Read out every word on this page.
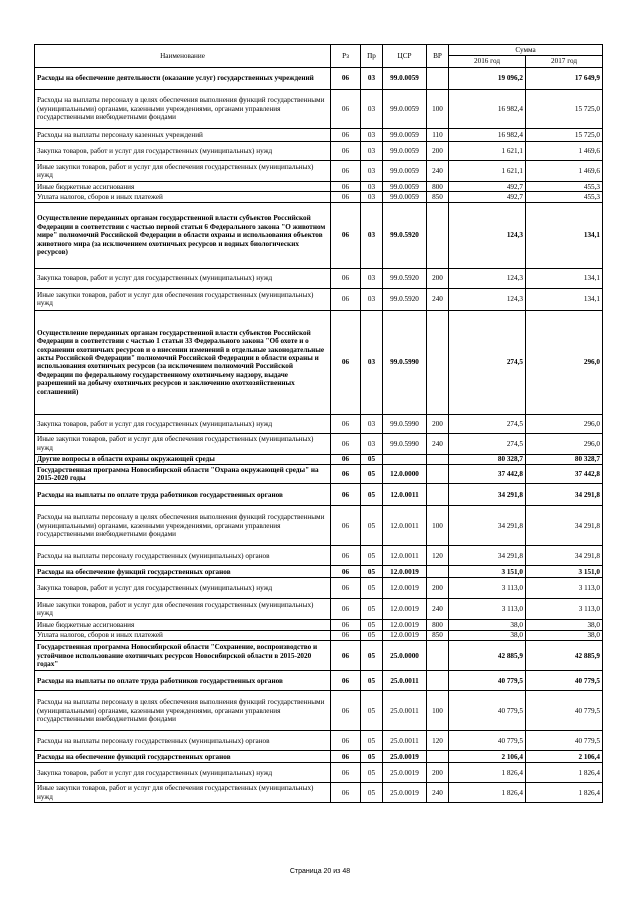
Наименование	Рз	Пр	ЦСР	ВР	Сумма	
					2016 год	2017 год
Расходы на обеспечение деятельности (оказание услуг) государственных учреждений	06	03	99.0.0059		19 096,2	17 649,9
Расходы на выплаты персоналу в целях обеспечения выполнения функций государственными (муниципальными) органами, казенными учреждениями, органами управления государственными внебюджетными фондами	06	03	99.0.0059	100	16 982,4	15 725,0
Расходы на выплаты персоналу казенных учреждений	06	03	99.0.0059	110	16 982,4	15 725,0
Закупка товаров, работ и услуг для государственных (муниципальных) нужд	06	03	99.0.0059	200	1 621,1	1 469,6
Иные закупки товаров, работ и услуг для обеспечения государственных (муниципальных) нужд	06	03	99.0.0059	240	1 621,1	1 469,6
Иные бюджетные ассигнования	06	03	99.0.0059	800	492,7	455,3
Уплата налогов, сборов и иных платежей	06	03	99.0.0059	850	492,7	455,3
Осуществление переданных органам государственной власти субъектов Российской Федерации в соответствии с частью первой статьи 6 Федерального закона "О животном мире" полномочий Российской Федерации в области охраны и использования объектов животного мира (за исключением охотничьих ресурсов и водных биологических ресурсов)	06	03	99.0.5920		124,3	134,1
Закупка товаров, работ и услуг для государственных (муниципальных) нужд	06	03	99.0.5920	200	124,3	134,1
Иные закупки товаров, работ и услуг для обеспечения государственных (муниципальных) нужд	06	03	99.0.5920	240	124,3	134,1
Осуществление переданных органам государственной власти субъектов Российской Федерации в соответствии с частью 1 статьи 33 Федерального закона "Об охоте и о сохранении охотничьих ресурсов и о внесении изменений в отдельные законодательные акты Российской Федерации" полномочий Российской Федерации в области охраны и использования охотничьих ресурсов (за исключением полномочий Российской Федерации по федеральному государственному охотничьему надзору, выдаче разрешений на добычу охотничьих ресурсов и заключению охотхозяйственных соглашений)	06	03	99.0.5990		274,5	296,0
Закупка товаров, работ и услуг для государственных (муниципальных) нужд	06	03	99.0.5990	200	274,5	296,0
Иные закупки товаров, работ и услуг для обеспечения государственных (муниципальных) нужд	06	03	99.0.5990	240	274,5	296,0
Другие вопросы в области охраны окружающей среды	06	05			80 328,7	80 328,7
Государственная программа Новосибирской области "Охрана окружающей среды" на 2015-2020 годы	06	05	12.0.0000		37 442,8	37 442,8
Расходы на выплаты по оплате труда работников государственных органов	06	05	12.0.0011		34 291,8	34 291,8
Расходы на выплаты персоналу в целях обеспечения выполнения функций государственными (муниципальными) органами, казенными учреждениями, органами управления государственными внебюджетными фондами	06	05	12.0.0011	100	34 291,8	34 291,8
Расходы на выплаты персоналу государственных (муниципальных) органов	06	05	12.0.0011	120	34 291,8	34 291,8
Расходы на обеспечение функций государственных органов	06	05	12.0.0019		3 151,0	3 151,0
Закупка товаров, работ и услуг для государственных (муниципальных) нужд	06	05	12.0.0019	200	3 113,0	3 113,0
Иные закупки товаров, работ и услуг для обеспечения государственных (муниципальных) нужд	06	05	12.0.0019	240	3 113,0	3 113,0
Иные бюджетные ассигнования	06	05	12.0.0019	800	38,0	38,0
Уплата налогов, сборов и иных платежей	06	05	12.0.0019	850	38,0	38,0
Государственная программа Новосибирской области "Сохранение, воспроизводство и устойчивое использование охотничьих ресурсов Новосибирской области в 2015-2020 годах"	06	05	25.0.0000		42 885,9	42 885,9
Расходы на выплаты по оплате труда работников государственных органов	06	05	25.0.0011		40 779,5	40 779,5
Расходы на выплаты персоналу в целях обеспечения выполнения функций государственными (муниципальными) органами, казенными учреждениями, органами управления государственными внебюджетными фондами	06	05	25.0.0011	100	40 779,5	40 779,5
Расходы на выплаты персоналу государственных (муниципальных) органов	06	05	25.0.0011	120	40 779,5	40 779,5
Расходы на обеспечение функций государственных органов	06	05	25.0.0019		2 106,4	2 106,4
Закупка товаров, работ и услуг для государственных (муниципальных) нужд	06	05	25.0.0019	200	1 826,4	1 826,4
Иные закупки товаров, работ и услуг для обеспечения государственных (муниципальных) нужд	06	05	25.0.0019	240	1 826,4	1 826,4
Страница 20 из 48
